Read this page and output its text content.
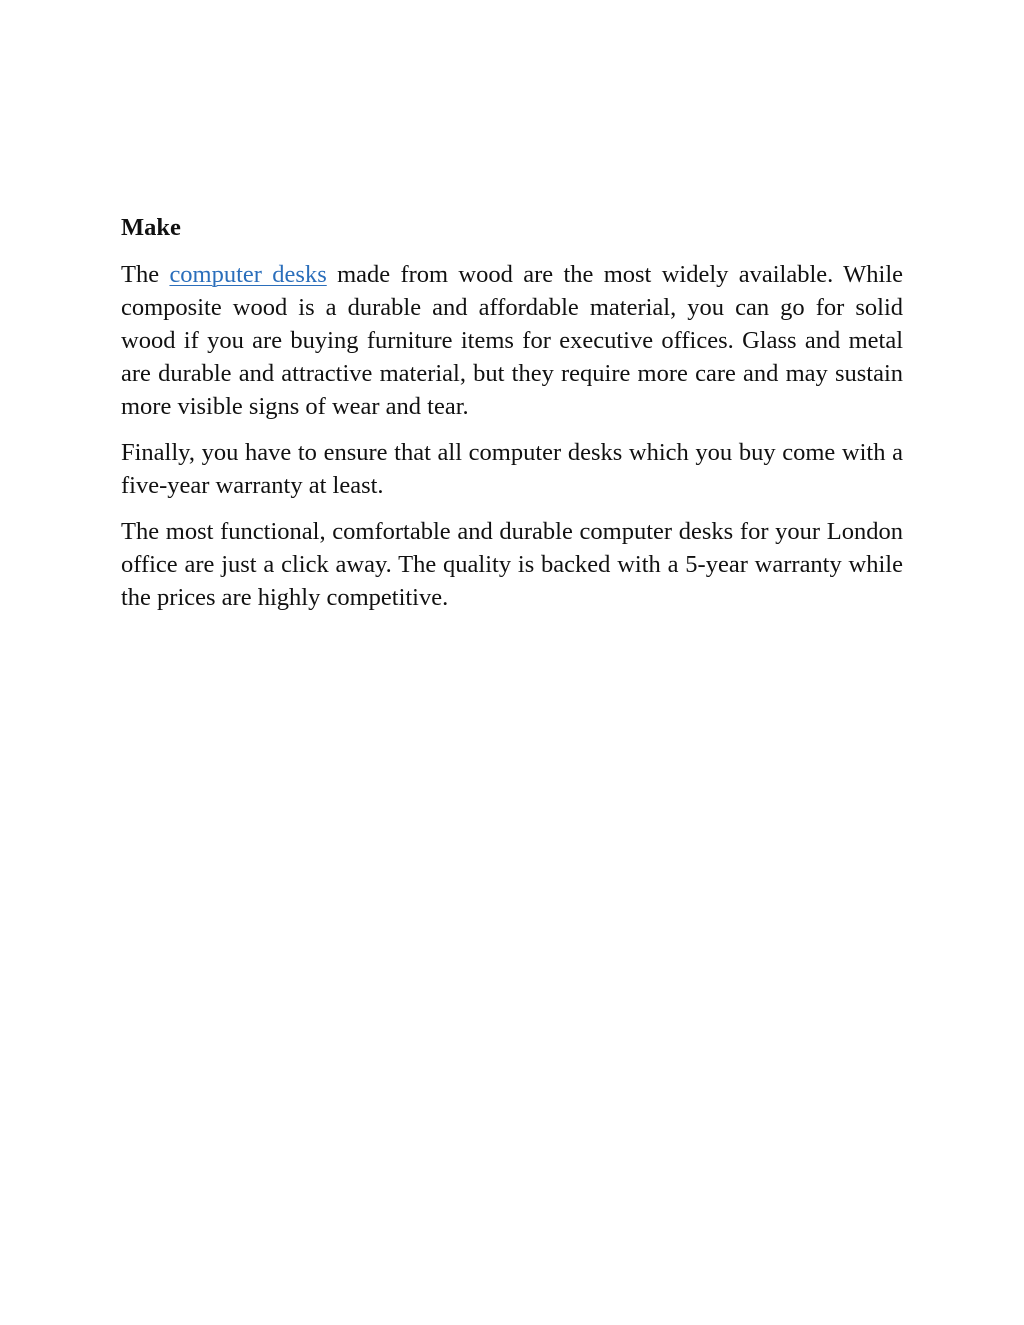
Make

The computer desks made from wood are the most widely available. While composite wood is a durable and affordable material, you can go for solid wood if you are buying furniture items for executive offices. Glass and metal are durable and attractive material, but they require more care and may sustain more visible signs of wear and tear.

Finally, you have to ensure that all computer desks which you buy come with a five-year warranty at least.

The most functional, comfortable and durable computer desks for your London office are just a click away. The quality is backed with a 5-year warranty while the prices are highly competitive.
